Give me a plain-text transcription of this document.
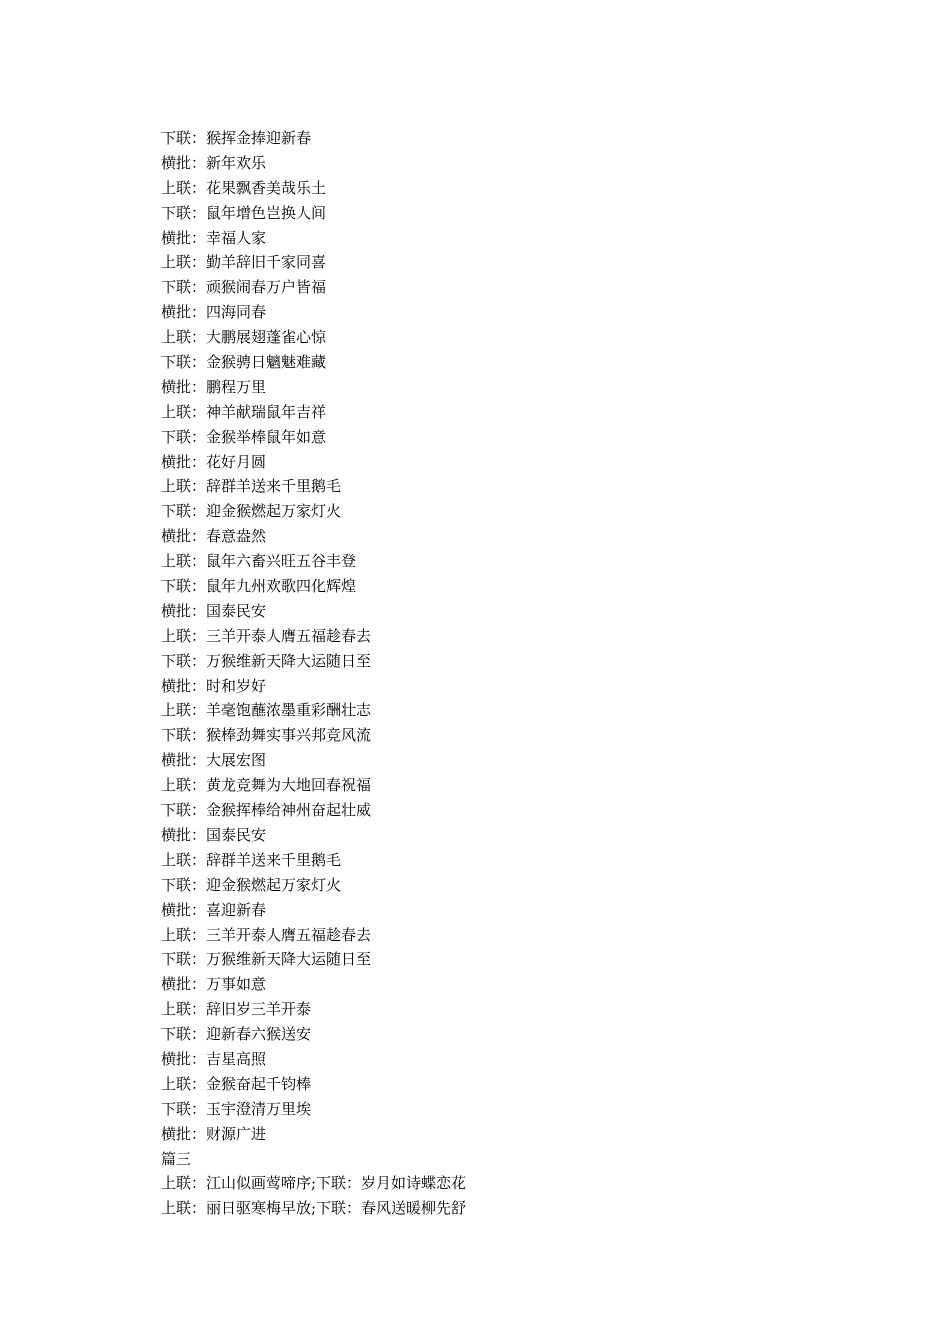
下联：猴挥金捧迎新春
横批：新年欢乐
上联：花果飘香美哉乐土
下联：鼠年增色岂换人间
横批：幸福人家
上联：勤羊辞旧千家同喜
下联：顽猴闹春万户皆福
横批：四海同春
上联：大鹏展翅蓬雀心惊
下联：金猴骋日魑魅难藏
横批：鹏程万里
上联：神羊献瑞鼠年吉祥
下联：金猴举棒鼠年如意
横批：花好月圆
上联：辞群羊送来千里鹅毛
下联：迎金猴燃起万家灯火
横批：春意盎然
上联：鼠年六畜兴旺五谷丰登
下联：鼠年九州欢歌四化辉煌
横批：国泰民安
上联：三羊开泰人膺五福趁春去
下联：万猴维新天降大运随日至
横批：时和岁好
上联：羊毫饱蘸浓墨重彩酬壮志
下联：猴棒劲舞实事兴邦竞风流
横批：大展宏图
上联：黄龙竞舞为大地回春祝福
下联：金猴挥棒给神州奋起壮威
横批：国泰民安
上联：辞群羊送来千里鹅毛
下联：迎金猴燃起万家灯火
横批：喜迎新春
上联：三羊开泰人膺五福趁春去
下联：万猴维新天降大运随日至
横批：万事如意
上联：辞旧岁三羊开泰
下联：迎新春六猴送安
横批：吉星高照
上联：金猴奋起千钧棒
下联：玉宇澄清万里埃
横批：财源广进
篇三
上联：江山似画莺啼序;下联：岁月如诗蝶恋花
上联：丽日驱寒梅早放;下联：春风送暖柳先舒
